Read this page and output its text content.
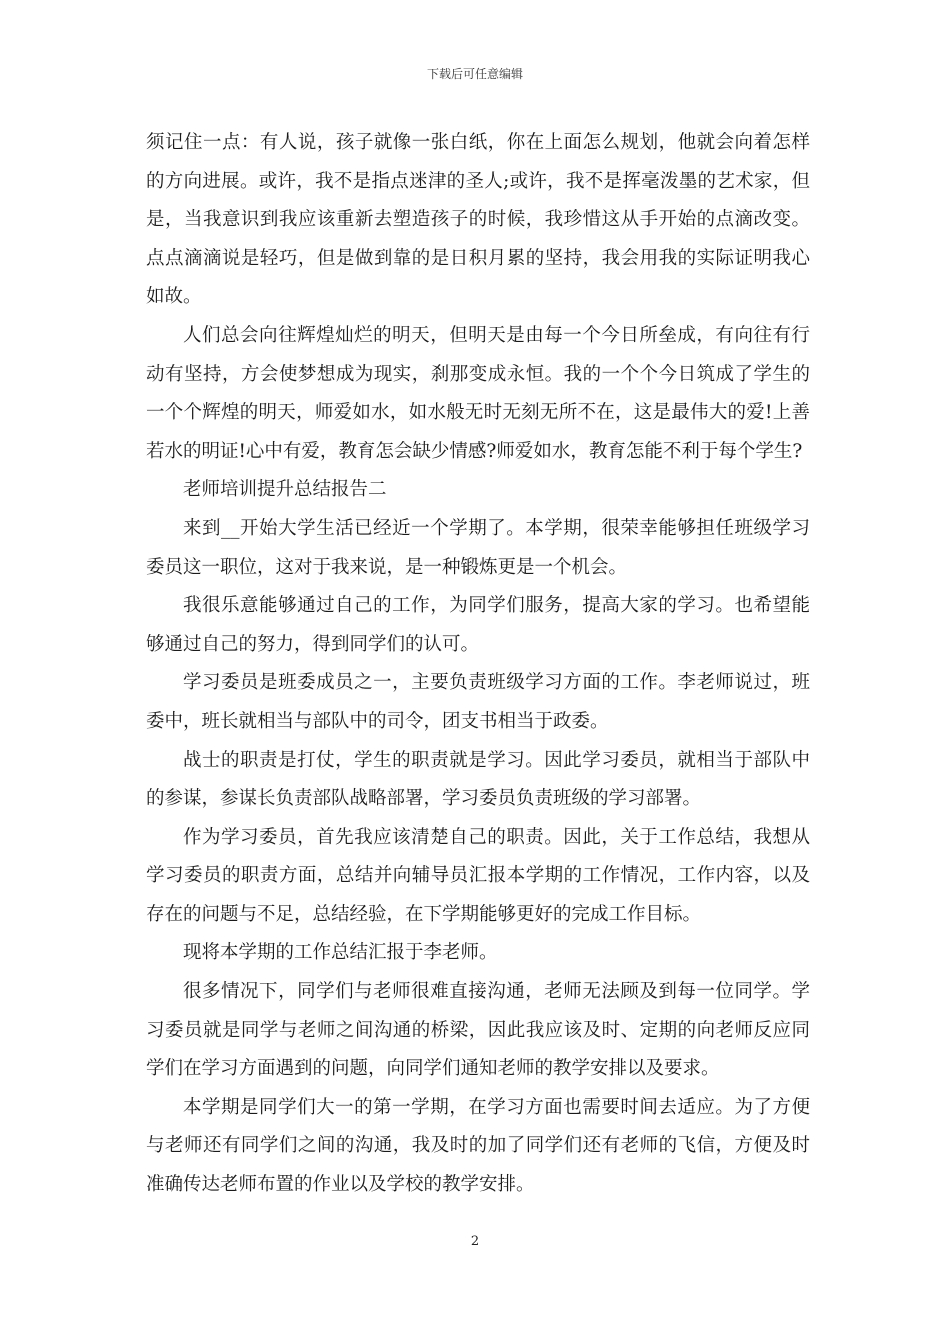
下载后可任意编辑

须记住一点：有人说，孩子就像一张白纸，你在上面怎么规划，他就会向着怎样的方向进展。或许，我不是指点迷津的圣人;或许，我不是挥毫泼墨的艺术家，但是，当我意识到我应该重新去塑造孩子的时候，我珍惜这从手开始的点滴改变。点点滴滴说是轻巧，但是做到靠的是日积月累的坚持，我会用我的实际证明我心如故。

人们总会向往辉煌灿烂的明天，但明天是由每一个今日所垒成，有向往有行动有坚持，方会使梦想成为现实，刹那变成永恒。我的一个个今日筑成了学生的一个个辉煌的明天，师爱如水，如水般无时无刻无所不在，这是最伟大的爱!上善若水的明证!心中有爱，教育怎会缺少情感?师爱如水，教育怎能不利于每个学生?

老师培训提升总结报告二

来到__开始大学生活已经近一个学期了。本学期，很荣幸能够担任班级学习委员这一职位，这对于我来说，是一种锻炼更是一个机会。

我很乐意能够通过自己的工作，为同学们服务，提高大家的学习。也希望能够通过自己的努力，得到同学们的认可。

学习委员是班委成员之一，主要负责班级学习方面的工作。李老师说过，班委中，班长就相当与部队中的司令，团支书相当于政委。

战士的职责是打仗，学生的职责就是学习。因此学习委员，就相当于部队中的参谋，参谋长负责部队战略部署，学习委员负责班级的学习部署。

作为学习委员，首先我应该清楚自己的职责。因此，关于工作总结，我想从学习委员的职责方面，总结并向辅导员汇报本学期的工作情况，工作内容，以及存在的问题与不足，总结经验，在下学期能够更好的完成工作目标。

现将本学期的工作总结汇报于李老师。

很多情况下，同学们与老师很难直接沟通，老师无法顾及到每一位同学。学习委员就是同学与老师之间沟通的桥梁，因此我应该及时、定期的向老师反应同学们在学习方面遇到的问题，向同学们通知老师的教学安排以及要求。

本学期是同学们大一的第一学期，在学习方面也需要时间去适应。为了方便与老师还有同学们之间的沟通，我及时的加了同学们还有老师的飞信，方便及时准确传达老师布置的作业以及学校的教学安排。

2
